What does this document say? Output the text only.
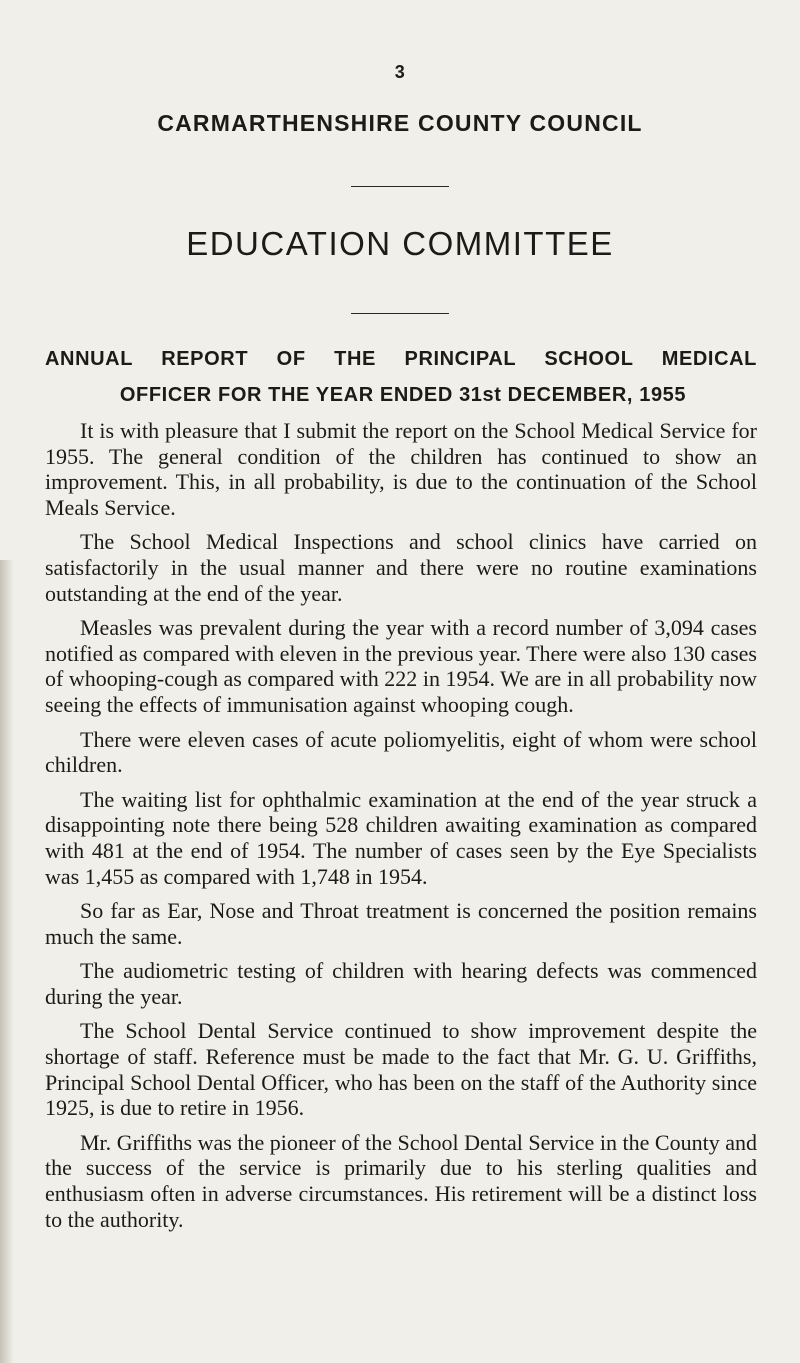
3
CARMARTHENSHIRE COUNTY COUNCIL
EDUCATION COMMITTEE
ANNUAL REPORT OF THE PRINCIPAL SCHOOL MEDICAL
OFFICER FOR THE YEAR ENDED 31st DECEMBER, 1955

It is with pleasure that I submit the report on the School Medical Service for 1955. The general condition of the children has continued to show an improvement. This, in all probability, is due to the continuation of the School Meals Service.

The School Medical Inspections and school clinics have carried on satisfactorily in the usual manner and there were no routine examinations outstanding at the end of the year.

Measles was prevalent during the year with a record number of 3,094 cases notified as compared with eleven in the previous year. There were also 130 cases of whooping-cough as compared with 222 in 1954. We are in all probability now seeing the effects of immunisation against whooping cough.

There were eleven cases of acute poliomyelitis, eight of whom were school children.

The waiting list for ophthalmic examination at the end of the year struck a disappointing note there being 528 children awaiting examination as compared with 481 at the end of 1954. The number of cases seen by the Eye Specialists was 1,455 as compared with 1,748 in 1954.

So far as Ear, Nose and Throat treatment is concerned the position remains much the same.

The audiometric testing of children with hearing defects was commenced during the year.

The School Dental Service continued to show improvement despite the shortage of staff. Reference must be made to the fact that Mr. G. U. Griffiths, Principal School Dental Officer, who has been on the staff of the Authority since 1925, is due to retire in 1956.

Mr. Griffiths was the pioneer of the School Dental Service in the County and the success of the service is primarily due to his sterling qualities and enthusiasm often in adverse circumstances. His retirement will be a distinct loss to the authority.
